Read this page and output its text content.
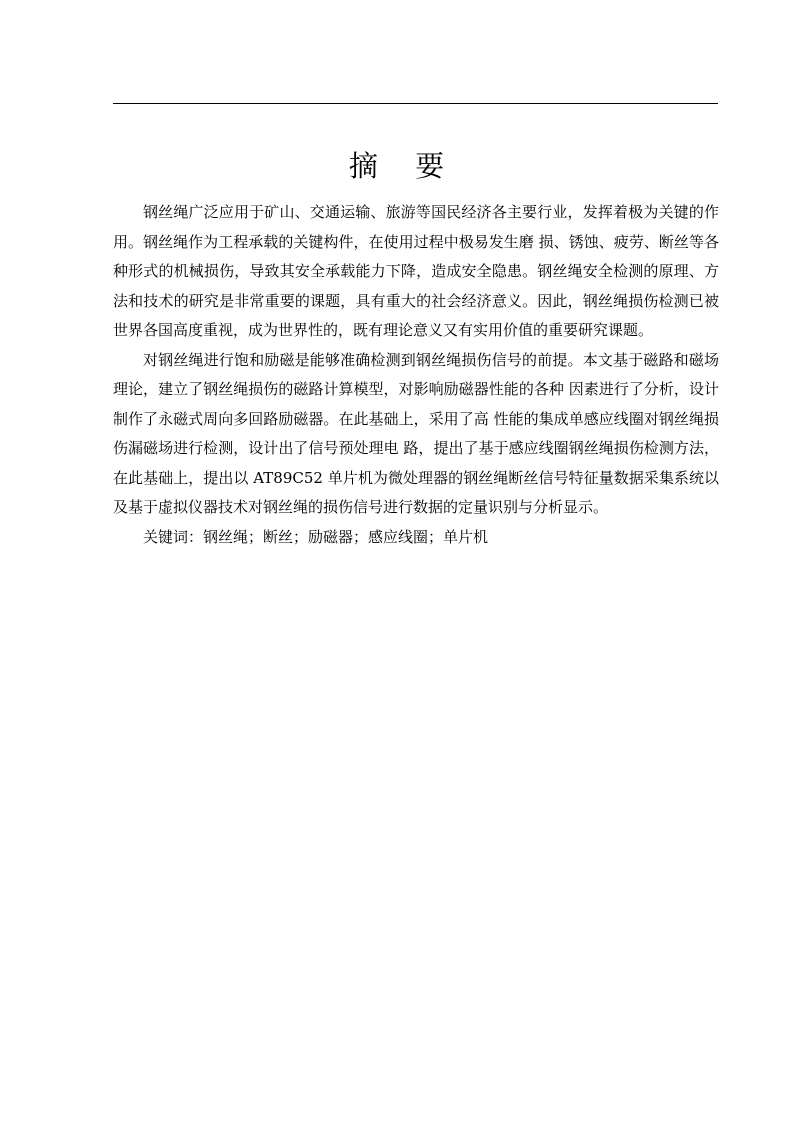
摘 要

钢丝绳广泛应用于矿山、交通运输、旅游等国民经济各主要行业，发挥着极为关键的作用。钢丝绳作为工程承载的关键构件，在使用过程中极易发生磨 损、锈蚀、疲劳、断丝等各种形式的机械损伤，导致其安全承载能力下降，造成安全隐患。钢丝绳安全检测的原理、方法和技术的研究是非常重要的课题，具有重大的社会经济意义。因此，钢丝绳损伤检测已被世界各国高度重视，成为世界性的，既有理论意义又有实用价值的重要研究课题。

对钢丝绳进行饱和励磁是能够准确检测到钢丝绳损伤信号的前提。本文基于磁路和磁场理论，建立了钢丝绳损伤的磁路计算模型，对影响励磁器性能的各种 因素进行了分析，设计制作了永磁式周向多回路励磁器。在此基础上，采用了高 性能的集成单感应线圈对钢丝绳损伤漏磁场进行检测，设计出了信号预处理电 路，提出了基于感应线圈钢丝绳损伤检测方法，在此基础上，提出以 AT89C52 单片机为微处理器的钢丝绳断丝信号特征量数据采集系统以及基于虚拟仪器技术对钢丝绳的损伤信号进行数据的定量识别与分析显示。

关键词：钢丝绳；断丝；励磁器；感应线圈；单片机
